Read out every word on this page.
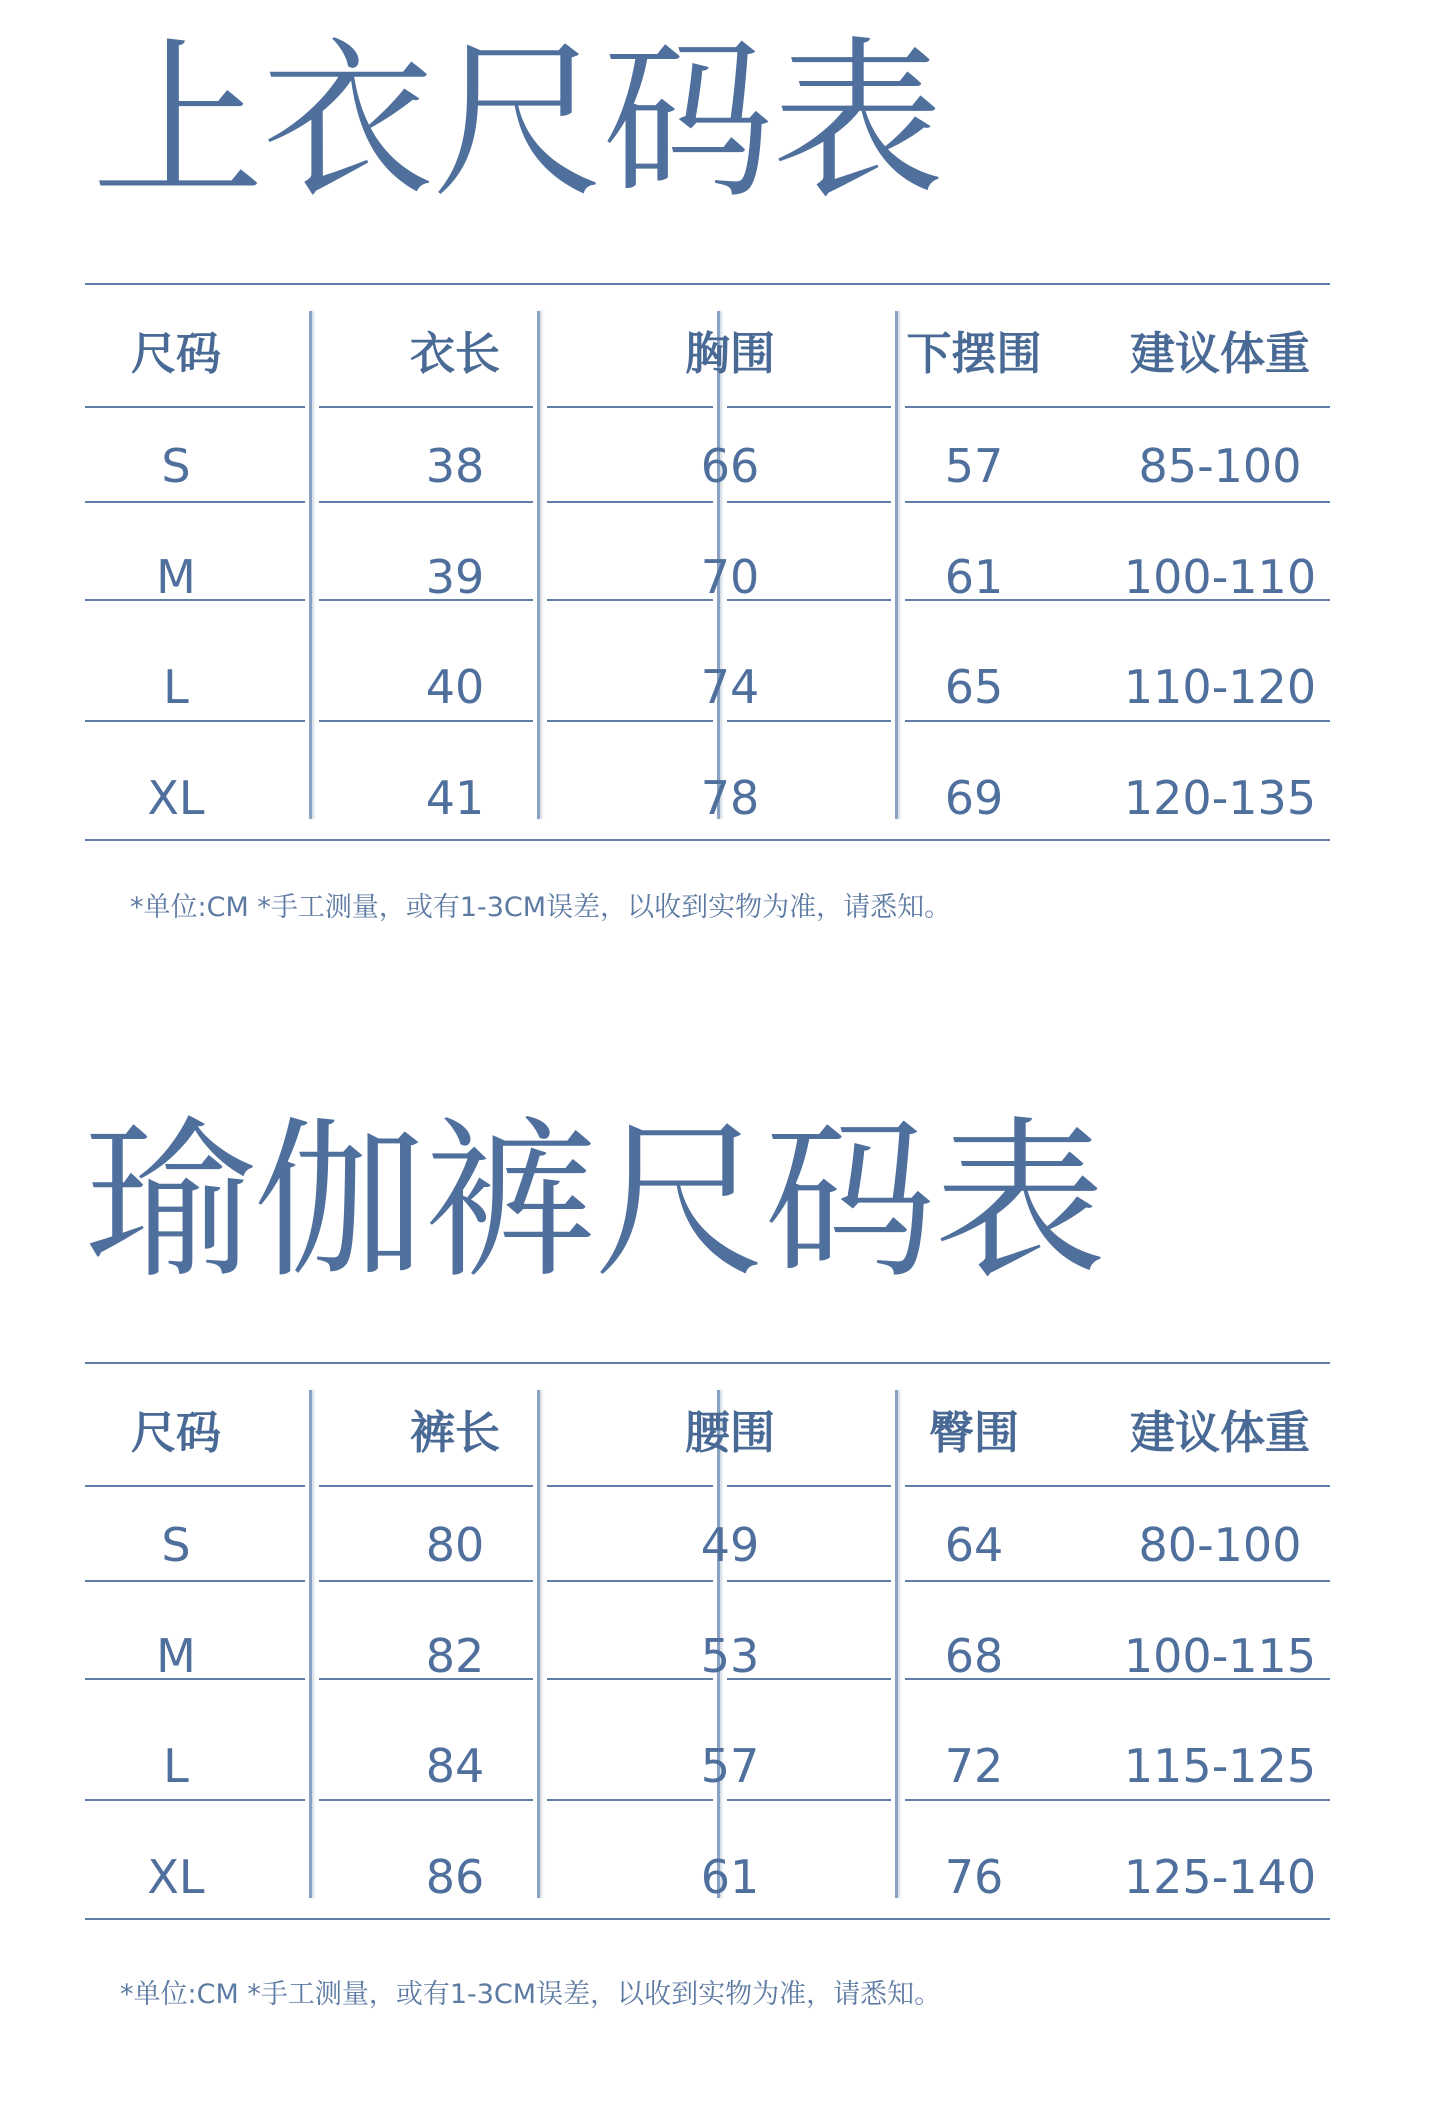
上衣尺码表
尺码	衣长	胸围	下摆围	建议体重
S	38	66	57	85-100
M	39	70	61	100-110
L	40	74	65	110-120
XL	41	78	69	120-135
*单位:CM *手工测量，或有1-3CM误差，以收到实物为准，请悉知。
瑜伽裤尺码表
尺码	裤长	腰围	臀围	建议体重
S	80	49	64	80-100
M	82	53	68	100-115
L	84	57	72	115-125
XL	86	61	76	125-140
*单位:CM *手工测量，或有1-3CM误差，以收到实物为准，请悉知。
